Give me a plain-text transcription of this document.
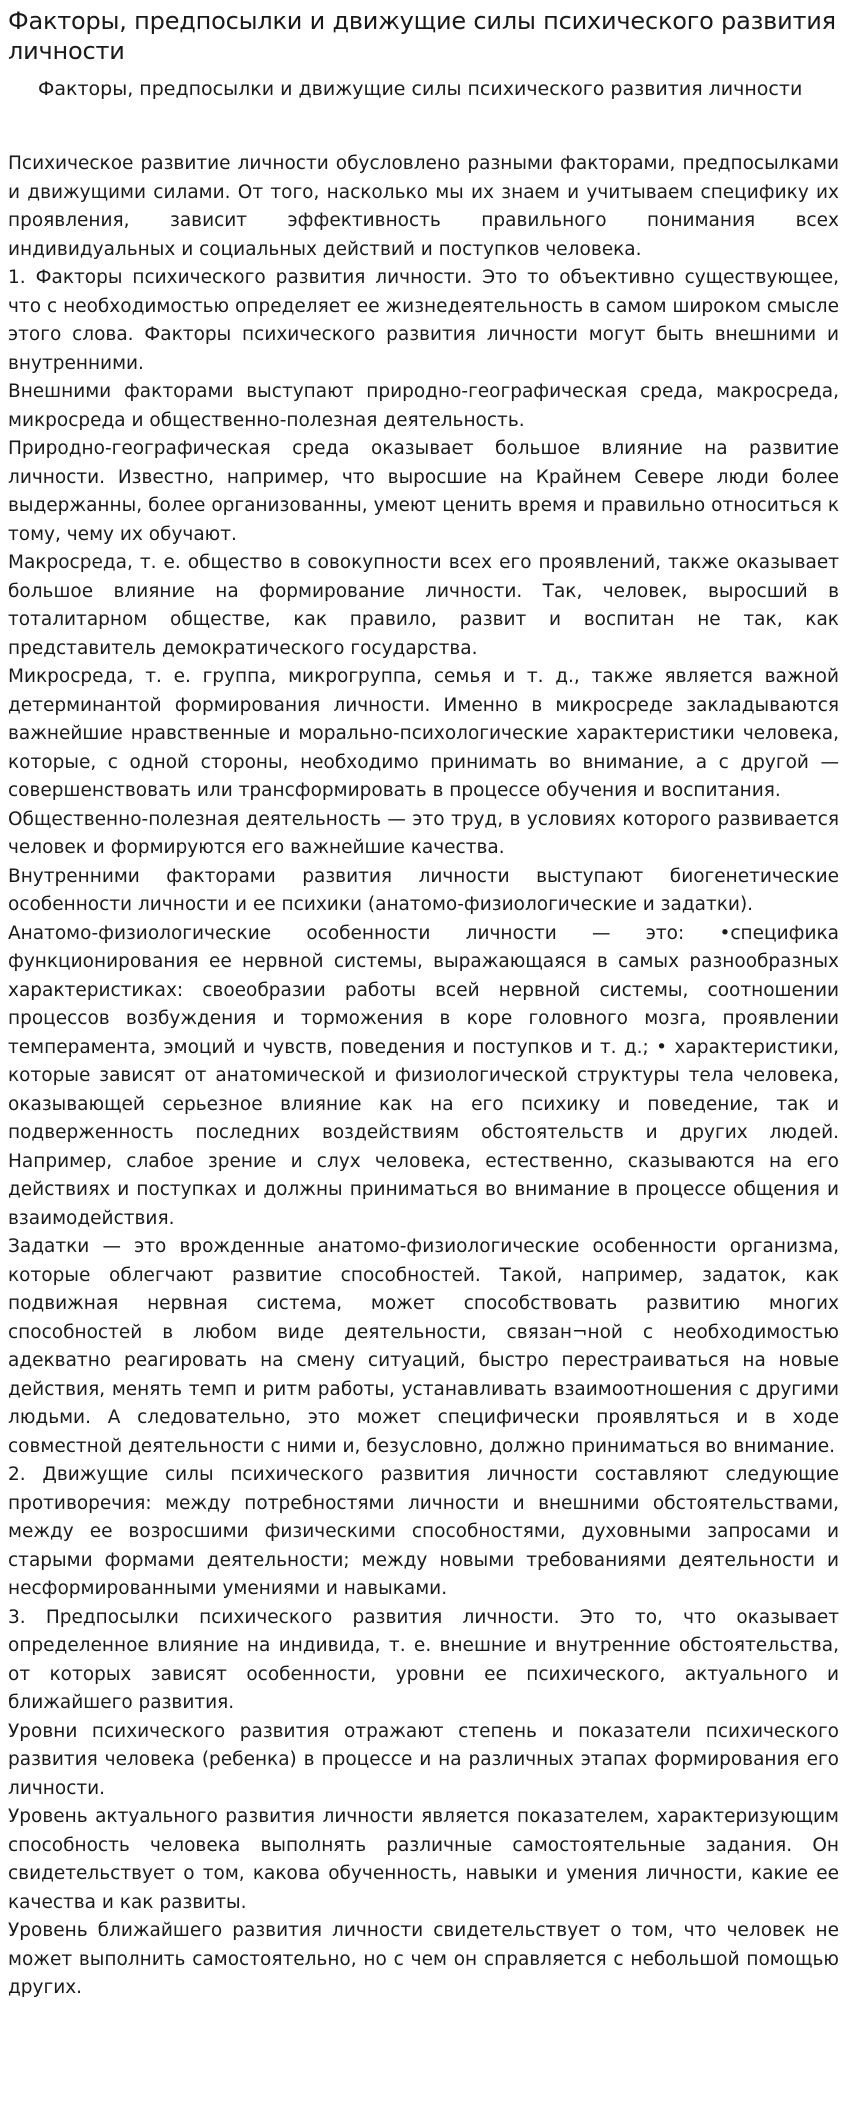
Факторы, предпосылки и движущие силы психического развития личности
Факторы, предпосылки и движущие силы психического развития личности

Психическое развитие личности обусловлено разными факторами, предпосылками и движущими силами. От того, насколько мы их знаем и учитываем специфику их проявления, зависит эффективность правильного понимания всех индивидуальных и социальных действий и поступков человека.

1. Факторы психического развития личности. Это то объективно существующее, что с необходимостью определяет ее жизнедеятельность в самом широком смысле этого слова. Факторы психического развития личности могут быть внешними и внутренними.

Внешними факторами выступают природно-географическая среда, макросреда, микросреда и общественно-полезная деятельность.

Природно-географическая среда оказывает большое влияние на развитие личности. Известно, например, что выросшие на Крайнем Севере люди более выдержанны, более организованны, умеют ценить время и правильно относиться к тому, чему их обучают.

Макросреда, т. е. общество в совокупности всех его проявлений, также оказывает большое влияние на формирование личности. Так, человек, выросший в тоталитарном обществе, как правило, развит и воспитан не так, как представитель демократического государства.

Микросреда, т. е. группа, микрогруппа, семья и т. д., также является важной детерминантой формирования личности. Именно в микросреде закладываются важнейшие нравственные и морально-психологические характеристики человека, которые, с одной стороны, необходимо принимать во внимание, а с другой — совершенствовать или трансформировать в процессе обучения и воспитания.

Общественно-полезная деятельность — это труд, в условиях которого развивается человек и формируются его важнейшие качества.

Внутренними факторами развития личности выступают биогенетические особенности личности и ее психики (анатомо-физиологические и задатки).

Анатомо-физиологические особенности личности — это: •специфика функционирования ее нервной системы, выражающаяся в самых разнообразных характеристиках: своеобразии работы всей нервной системы, соотношении процессов возбуждения и торможения в коре головного мозга, проявлении темперамента, эмоций и чувств, поведения и поступков и т. д.; • характеристики, которые зависят от анатомической и физиологической структуры тела человека, оказывающей серьезное влияние как на его психику и поведение, так и подверженность последних воздействиям обстоятельств и других людей. Например, слабое зрение и слух человека, естественно, сказываются на его действиях и поступках и должны приниматься во внимание в процессе общения и взаимодействия.

Задатки — это врожденные анатомо-физиологические особенности организма, которые облегчают развитие способностей. Такой, например, задаток, как подвижная нервная система, может способствовать развитию многих способностей в любом виде деятельности, связан¬ной с необходимостью адекватно реагировать на смену ситуаций, быстро перестраиваться на новые действия, менять темп и ритм работы, устанавливать взаимоотношения с другими людьми. А следовательно, это может специфически проявляться и в ходе совместной деятельности с ними и, безусловно, должно приниматься во внимание.

2. Движущие силы психического развития личности составляют следующие противоречия: между потребностями личности и внешними обстоятельствами, между ее возросшими физическими способностями, духовными запросами и старыми формами деятельности; между новыми требованиями деятельности и несформированными умениями и навыками.

3. Предпосылки психического развития личности. Это то, что оказывает определенное влияние на индивида, т. е. внешние и внутренние обстоятельства, от которых зависят особенности, уровни ее психического, актуального и ближайшего развития.

Уровни психического развития отражают степень и показатели психического развития человека (ребенка) в процессе и на различных этапах формирования его личности.

Уровень актуального развития личности является показателем, характеризующим способность человека выполнять различные самостоятельные задания. Он свидетельствует о том, какова обученность, навыки и умения личности, какие ее качества и как развиты.

Уровень ближайшего развития личности свидетельствует о том, что человек не может выполнить самостоятельно, но с чем он справляется с небольшой помощью других.
